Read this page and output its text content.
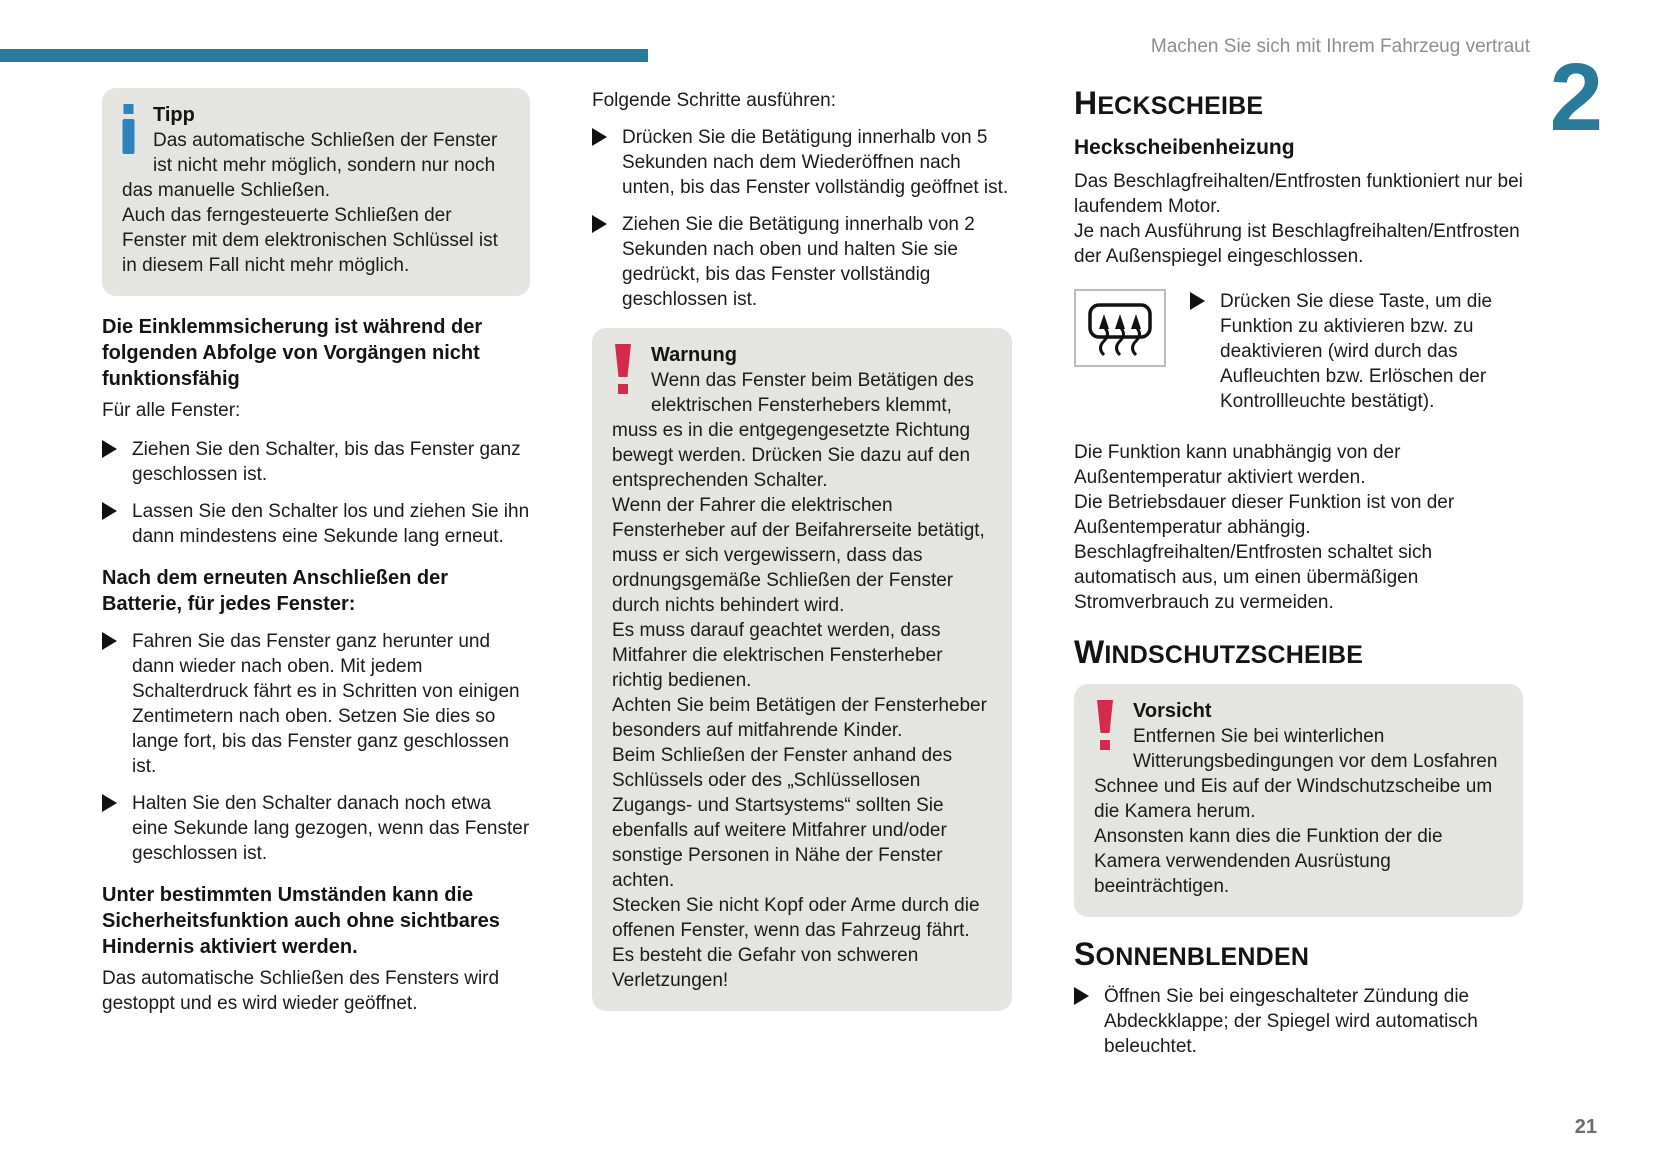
Machen Sie sich mit Ihrem Fahrzeug vertraut 2
Tipp

Das automatische Schließen der Fenster ist nicht mehr möglich, sondern nur noch das manuelle Schließen.

Auch das ferngesteuerte Schließen der Fenster mit dem elektronischen Schlüssel ist in diesem Fall nicht mehr möglich.

Die Einklemmsicherung ist während der folgenden Abfolge von Vorgängen nicht funktionsfähig

Für alle Fenster:

Ziehen Sie den Schalter, bis das Fenster ganz geschlossen ist.

Lassen Sie den Schalter los und ziehen Sie ihn dann mindestens eine Sekunde lang erneut.

Nach dem erneuten Anschließen der Batterie, für jedes Fenster:

Fahren Sie das Fenster ganz herunter und dann wieder nach oben. Mit jedem Schalterdruck fährt es in Schritten von einigen Zentimetern nach oben. Setzen Sie dies so lange fort, bis das Fenster ganz geschlossen ist.

Halten Sie den Schalter danach noch etwa eine Sekunde lang gezogen, wenn das Fenster geschlossen ist.

Unter bestimmten Umständen kann die Sicherheitsfunktion auch ohne sichtbares Hindernis aktiviert werden.

Das automatische Schließen des Fensters wird gestoppt und es wird wieder geöffnet.

Folgende Schritte ausführen:

Drücken Sie die Betätigung innerhalb von 5 Sekunden nach dem Wiederöffnen nach unten, bis das Fenster vollständig geöffnet ist.

Ziehen Sie die Betätigung innerhalb von 2 Sekunden nach oben und halten Sie sie gedrückt, bis das Fenster vollständig geschlossen ist.

Warnung

Wenn das Fenster beim Betätigen des elektrischen Fensterhebers klemmt, muss es in die entgegengesetzte Richtung bewegt werden. Drücken Sie dazu auf den entsprechenden Schalter.

Wenn der Fahrer die elektrischen Fensterheber auf der Beifahrerseite betätigt, muss er sich vergewissern, dass das ordnungsgemäße Schließen der Fenster durch nichts behindert wird.

Es muss darauf geachtet werden, dass Mitfahrer die elektrischen Fensterheber richtig bedienen.

Achten Sie beim Betätigen der Fensterheber besonders auf mitfahrende Kinder.

Beim Schließen der Fenster anhand des Schlüssels oder des „Schlüssellosen Zugangs- und Startsystems“ sollten Sie ebenfalls auf weitere Mitfahrer und/oder sonstige Personen in Nähe der Fenster achten.

Stecken Sie nicht Kopf oder Arme durch die offenen Fenster, wenn das Fahrzeug fährt. Es besteht die Gefahr von schweren Verletzungen!

HECKSCHEIBE
Heckscheibenheizung

Das Beschlagfreihalten/Entfrosten funktioniert nur bei laufendem Motor.

Je nach Ausführung ist Beschlagfreihalten/Entfrosten der Außenspiegel eingeschlossen.

Drücken Sie diese Taste, um die Funktion zu aktivieren bzw. zu deaktivieren (wird durch das Aufleuchten bzw. Erlöschen der Kontrollleuchte bestätigt).

Die Funktion kann unabhängig von der Außentemperatur aktiviert werden.

Die Betriebsdauer dieser Funktion ist von der Außentemperatur abhängig.

Beschlagfreihalten/Entfrosten schaltet sich automatisch aus, um einen übermäßigen Stromverbrauch zu vermeiden.

WINDSCHUTZSCHEIBE
Vorsicht

Entfernen Sie bei winterlichen Witterungsbedingungen vor dem Losfahren Schnee und Eis auf der Windschutzscheibe um die Kamera herum.

Ansonsten kann dies die Funktion der die Kamera verwendenden Ausrüstung beeinträchtigen.

SONNENBLENDEN

Öffnen Sie bei eingeschalteter Zündung die Abdeckklappe; der Spiegel wird automatisch beleuchtet.

21
